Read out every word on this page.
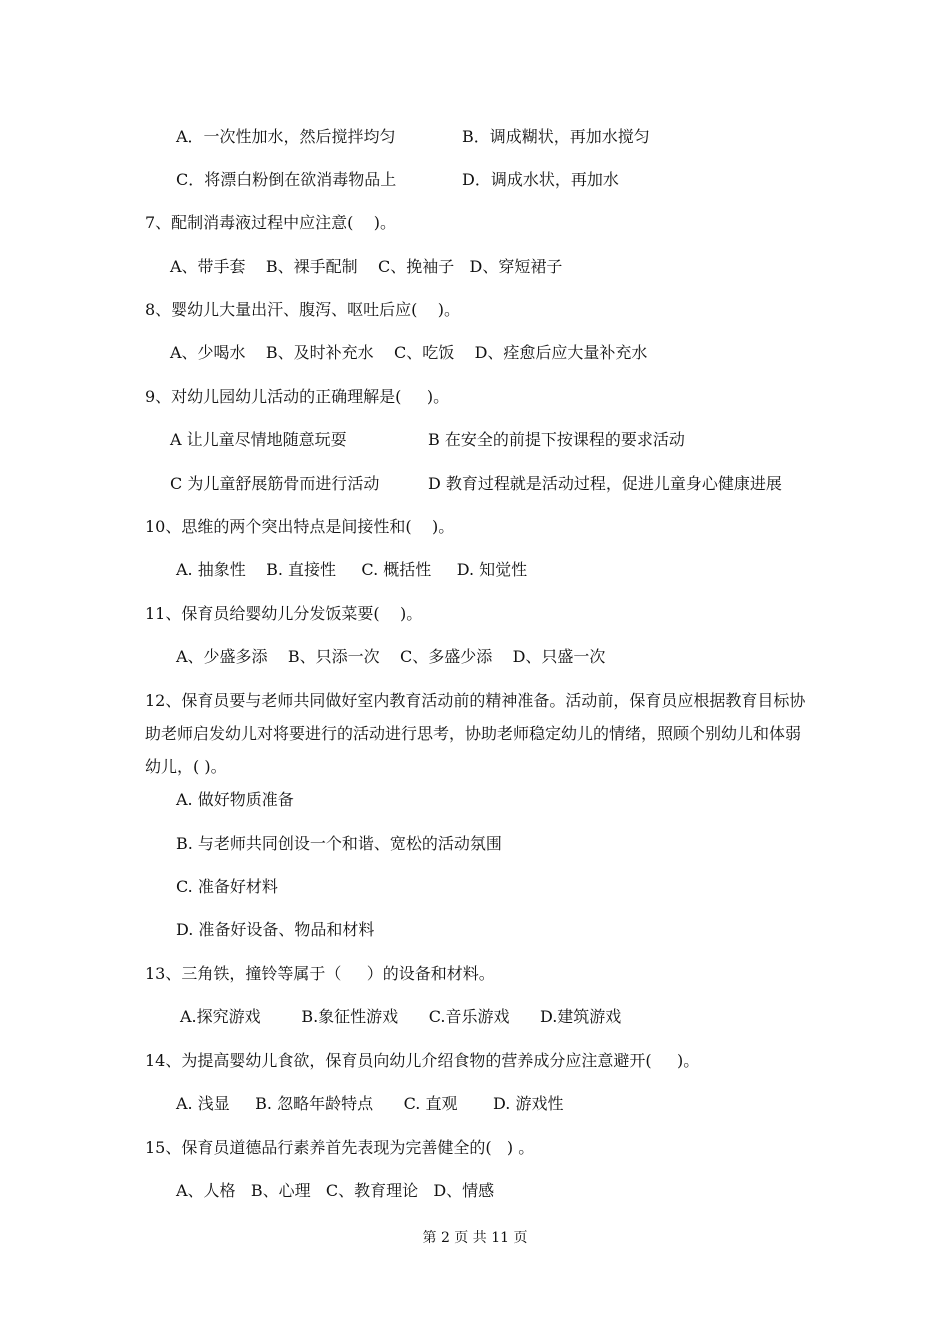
A．一次性加水，然后搅拌均匀	B．调成糊状，再加水搅匀
C．将漂白粉倒在欲消毒物品上	D．调成水状，再加水
7、配制消毒液过程中应注意(    )。
A、带手套    B、裸手配制    C、挽袖子   D、穿短裙子
8、婴幼儿大量出汗、腹泻、呕吐后应(    )。
A、少喝水    B、及时补充水    C、吃饭    D、痊愈后应大量补充水
9、对幼儿园幼儿活动的正确理解是(     )。
A 让儿童尽情地随意玩耍	B 在安全的前提下按课程的要求活动
C 为儿童舒展筋骨而进行活动	D 教育过程就是活动过程，促进儿童身心健康进展
10、思维的两个突出特点是间接性和(    )。
A. 抽象性    B. 直接性     C. 概括性     D. 知觉性
11、保育员给婴幼儿分发饭菜要(    )。
A、少盛多添    B、只添一次    C、多盛少添    D、只盛一次
12、保育员要与老师共同做好室内教育活动前的精神准备。活动前，保育员应根据教育目标协助老师启发幼儿对将要进行的活动进行思考，协助老师稳定幼儿的情绪，照顾个别幼儿和体弱幼儿，( )。
A. 做好物质准备
B. 与老师共同创设一个和谐、宽松的活动氛围
C. 准备好材料
D. 准备好设备、物品和材料
13、三角铁，撞铃等属于（     ）的设备和材料。
A.探究游戏        B.象征性游戏      C.音乐游戏      D.建筑游戏
14、为提高婴幼儿食欲，保育员向幼儿介绍食物的营养成分应注意避开(     )。
A. 浅显     B. 忽略年龄特点      C. 直观       D. 游戏性
15、保育员道德品行素养首先表现为完善健全的(   ) 。
A、人格   B、心理   C、教育理论   D、情感
第 2 页 共 11 页
